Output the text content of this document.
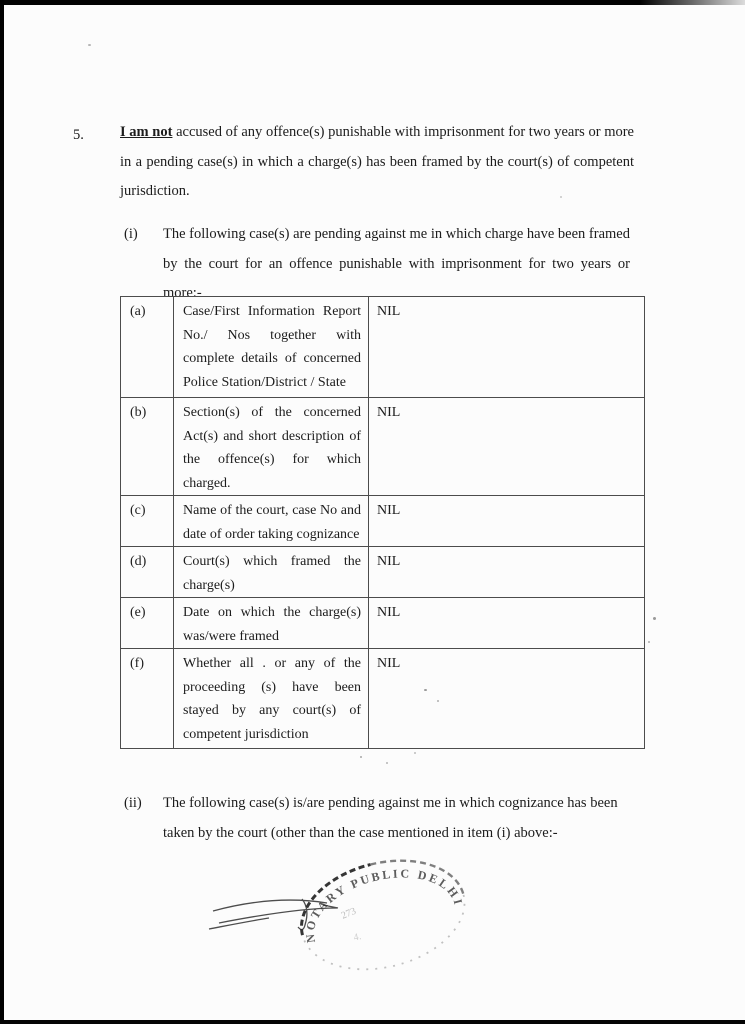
5. I am not accused of any offence(s) punishable with imprisonment for two years or more in a pending case(s) in which a charge(s) has been framed by the court(s) of competent jurisdiction.
(i)	The following case(s) are pending against me in which charge have been framed by the court for an offence punishable with imprisonment for two years or more:-
(a)	Case/First Information Report No./ Nos together with complete details of concerned Police Station/District / State	NIL
(b)	Section(s) of the concerned Act(s) and short description of the offence(s) for which charged.	NIL
(c)	Name of the court, case No and date of order taking cognizance	NIL
(d)	Court(s) which framed the charge(s)	NIL
(e)	Date on which the charge(s) was/were framed	NIL
(f)	Whether all . or any of the proceeding (s) have been stayed by any court(s) of competent jurisdiction	NIL
(ii)	The following case(s) is/are pending against me in which cognizance has been taken by the court (other than the case mentioned in item (i) above:-
NOTARY PUBLIC DELHI
273
4.
